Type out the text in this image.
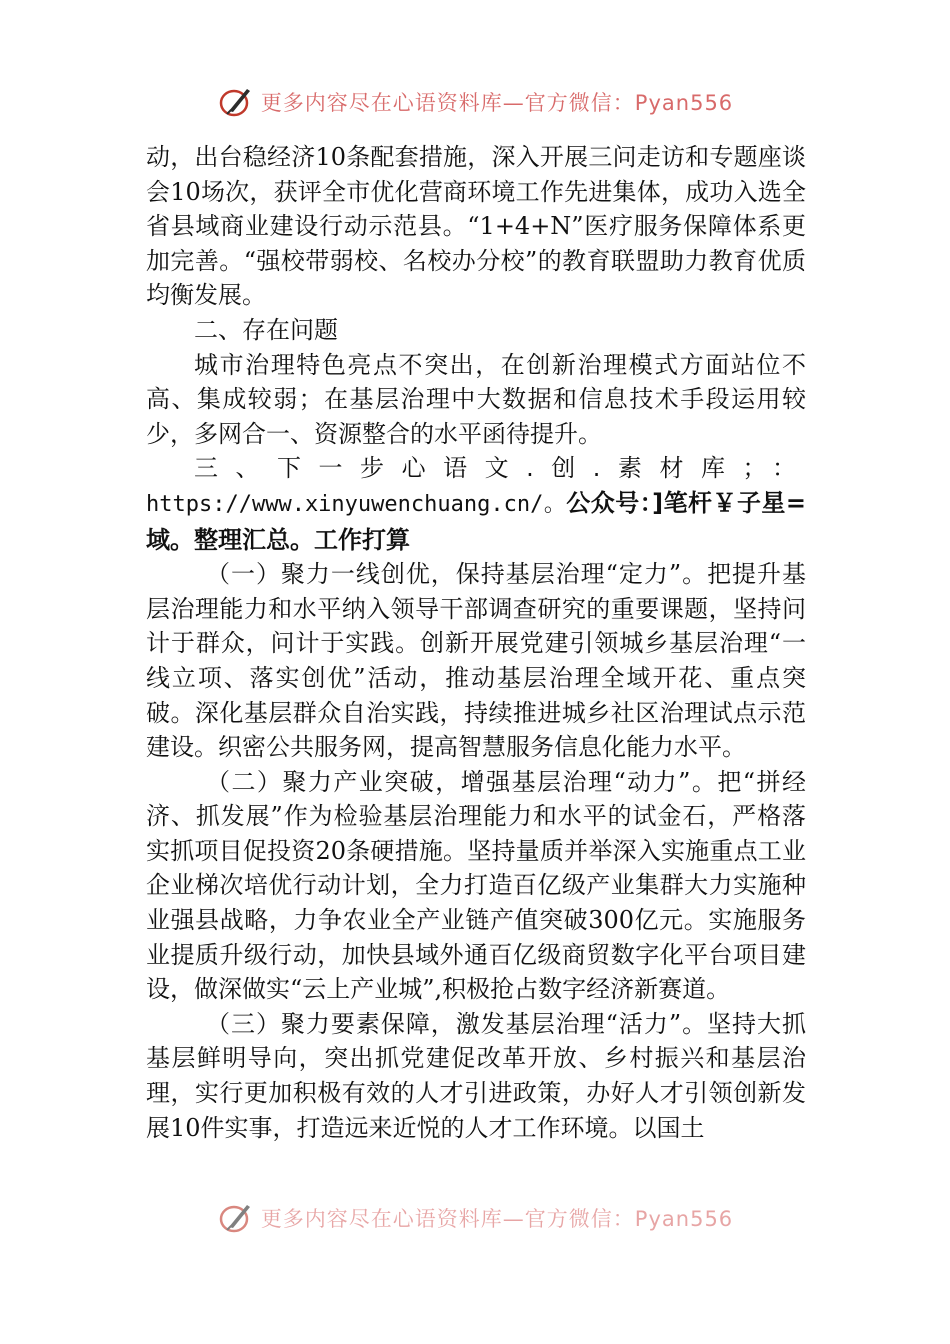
更多内容尽在心语资料库—官方微信：Pyan556

动，出台稳经济10条配套措施，深入开展三问走访和专题座谈会10场次，获评全市优化营商环境工作先进集体，成功入选全省县域商业建设行动示范县。“1+4+N”医疗服务保障体系更加完善。“强校带弱校、名校办分校”的教育联盟助力教育优质均衡发展。

二、存在问题

城市治理特色亮点不突出，在创新治理模式方面站位不高、集成较弱；在基层治理中大数据和信息技术手段运用较少，多网合一、资源整合的水平函待提升。

三、下一步心语文.创.素材库；： https://www.xinyuwenchuang.cn/。公众号：]笔杆￥子星=域。整理汇总。工作打算

（一）聚力一线创优，保持基层治理“定力”。把提升基层治理能力和水平纳入领导干部调查研究的重要课题，坚持问计于群众，问计于实践。创新开展党建引领城乡基层治理“一线立项、落实创优”活动，推动基层治理全域开花、重点突破。深化基层群众自治实践，持续推进城乡社区治理试点示范建设。织密公共服务网，提高智慧服务信息化能力水平。

（二）聚力产业突破，增强基层治理“动力”。把“拼经济、抓发展”作为检验基层治理能力和水平的试金石，严格落实抓项目促投资20条硬措施。坚持量质并举深入实施重点工业企业梯次培优行动计划，全力打造百亿级产业集群大力实施种业强县战略，力争农业全产业链产值突破300亿元。实施服务业提质升级行动，加快县域外通百亿级商贸数字化平台项目建设，做深做实“云上产业城”,积极抢占数字经济新赛道。

（三）聚力要素保障，激发基层治理“活力”。坚持大抓基层鲜明导向，突出抓党建促改革开放、乡村振兴和基层治理，实行更加积极有效的人才引进政策，办好人才引领创新发展10件实事，打造远来近悦的人才工作环境。以国土

更多内容尽在心语资料库—官方微信：Pyan556
